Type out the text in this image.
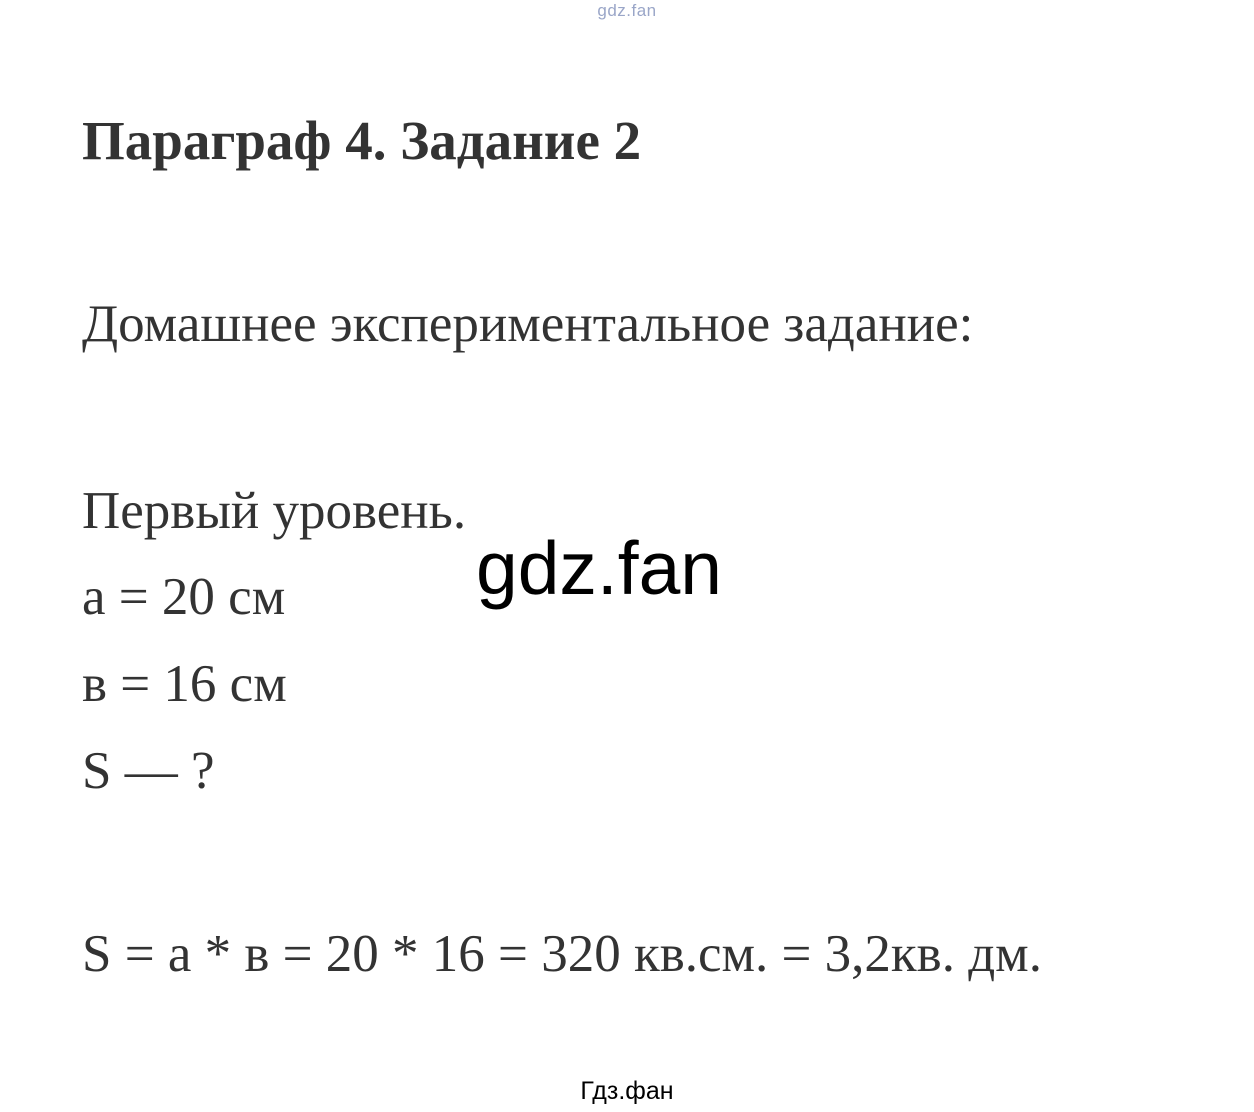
gdz.fan
Параграф 4. Задание 2
Домашнее экспериментальное задание:
Первый уровень.
а = 20 см
в = 16 см
S — ?
S = а * в = 20 * 16 = 320 кв.см. = 3,2кв. дм.
gdz.fan
Гдз.фан
